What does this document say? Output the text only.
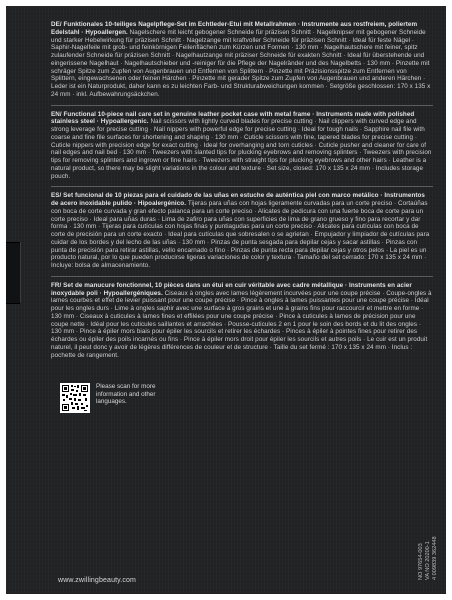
DE/ Funktionales 10-teiliges Nagelpflege-Set im Echtleder-Etui mit Metallrahmen · Instrumente aus rostfreiem, poliertem Edelstahl · Hypoallergen. Nagelschere mit leicht gebogener Schneide für präzisen Schnitt · Nagelknipser mit gebogener Schneide und starker Hebelwirkung für präzisen Schnitt · Nagelzange mit kraftvoller Schneide für präzisen Schnitt · Ideal für feste Nägel · Saphir-Nagelfeile mit grob- und feinkörnigen Feilenflächen zum Kürzen und Formen · 130 mm · Nagelhautschere mit feiner, spitz zulaufender Schneide für präzisen Schnitt · Nagelhautzange mit präziser Schneide für exakten Schnitt · Ideal für überstehende und eingerissene Nagelhaut · Nagelhautschieber und -reiniger für die Pflege der Nagelränder und des Nagelbetts · 130 mm · Pinzette mit schräger Spitze zum Zupfen von Augenbrauen und Entfernen von Splittern · Pinzette mit Präzisionsspitze zum Entfernen von Splittern, eingewachsenen oder feinen Härchen · Pinzette mit gerader Spitze zum Zupfen von Augenbrauen und anderen Härchen · Leder ist ein Naturprodukt, daher kann es zu leichten Farb- und Strukturabweichungen kommen · Setgröße geschlossen: 170 x 135 x 24 mm · inkl. Aufbewahrungsäckchen.
EN/ Functional 10-piece nail care set in genuine leather pocket case with metal frame · Instruments made with polished stainless steel · Hypoallergenic. Nail scissors with lightly curved blades for precise cutting · Nail clippers with curved edge and strong leverage for precise cutting · Nail nippers with powerful edge for precise cutting · Ideal for tough nails · Sapphire nail file with coarse and fine file surfaces for shortening and shaping · 130 mm · Cuticle scissors with fine, tapered blades for precise cutting · Cuticle nippers with precision edge for exact cutting · Ideal for overhanging and torn cuticles · Cuticle pusher and cleaner for care of nail edges and nail bed · 130 mm · Tweezers with slanted tips for plucking eyebrows and removing splinters · Tweezers with precision tips for removing splinters and ingrown or fine hairs · Tweezers with straight tips for plucking eyebrows and other hairs · Leather is a natural product, so there may be slight variations in the colour and texture · Set size, closed: 170 x 135 x 24 mm · Includes storage pouch.
ES/ Set funcional de 10 piezas para el cuidado de las uñas en estuche de auténtica piel con marco metálico · Instrumentos de acero inoxidable pulido · Hipoalergénico. Tijeras para uñas con hojas ligeramente curvadas para un corte preciso · Cortaúñas con boca de corte curvada y gran efecto palanca para un corte preciso · Alicates de pedicura con una fuerte boca de corte para un corte preciso · Ideal para uñas duras · Lima de zafiro para uñas con superficies de lima de grano grueso y fino para recortar y dar forma · 130 mm · Tijeras para cutículas con hojas finas y puntiagudas para un corte preciso · Alicates para cutículas con boca de corte de precisión para un corte exacto · Ideal para cutículas que sobresalen o se agrietan · Empujador y limpiador de cutículas para cuidar de los bordes y del lecho de las uñas · 130 mm · Pinzas de punta sesgada para depilar cejas y sacar astillas · Pinzas con punta de precisión para retirar astillas, vello encarnado o fino · Pinzas de punta recta para depilar cejas y otros pelos · La piel es un producto natural, por lo que pueden producirse ligeras variaciones de color y textura · Tamaño del set cerrado: 170 x 135 x 24 mm · Incluye: bolsa de almacenamiento.
FR/ Set de manucure fonctionnel, 10 pièces dans un étui en cuir véritable avec cadre métallique · Instruments en acier inoxydable poli · Hypoallergéniques. Ciseaux à ongles avec lames légèrement incurvées pour une coupe précise · Coupe-ongles à lames courbes et effet de levier puissant pour une coupe précise · Pince à ongles à lames puissantes pour une coupe précise · Idéal pour les ongles durs · Lime à ongles saphir avec une surface à gros grains et une à grains fins pour raccourcir et mettre en forme · 130 mm · Ciseaux à cuticules à lames fines et effilées pour une coupe précise · Pince à cuticules à lames de précision pour une coupe nette · Idéal pour les cuticules saillantes et arrachées · Pousse-cuticules 2 en 1 pour le soin des bords et du lit des ongles · 130 mm · Pince à épiler mors biais pour épiler les sourcils et retirer les échardes · Pinces à épiler à pointes fines pour retirer des échardes ou épiler des poils incarnés ou fins · Pince à épiler mors droit pour épiler les sourcils et autres poils · Le cuir est un produit naturel, il peut donc y avoir de légères différences de couleur et de structure · Taille du set fermé : 170 x 135 x 24 mm · Inclus : pochette de rangement.
Please scan for more information and other languages.
NO 97654-003 VA NO 20200-1 4 009839 362448
www.zwillingbeauty.com
